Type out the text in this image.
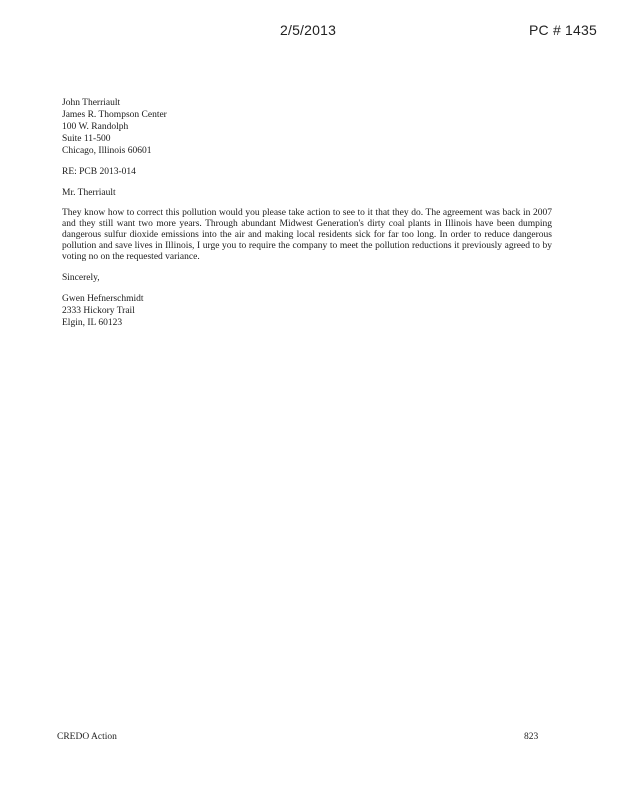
2/5/2013	PC # 1435
John Therriault
James R. Thompson Center
100 W. Randolph
Suite 11-500
Chicago, Illinois 60601
RE: PCB 2013-014
Mr. Therriault
They know how to correct this pollution would you please take action to see to it that they do. The agreement was back in 2007 and they still want two more years. Through abundant Midwest Generation's dirty coal plants in Illinois have been dumping dangerous sulfur dioxide emissions into the air and making local residents sick for far too long. In order to reduce dangerous pollution and save lives in Illinois, I urge you to require the company to meet the pollution reductions it previously agreed to by voting no on the requested variance.
Sincerely,
Gwen Hefnerschmidt
2333 Hickory Trail
Elgin, IL 60123
CREDO Action	823
